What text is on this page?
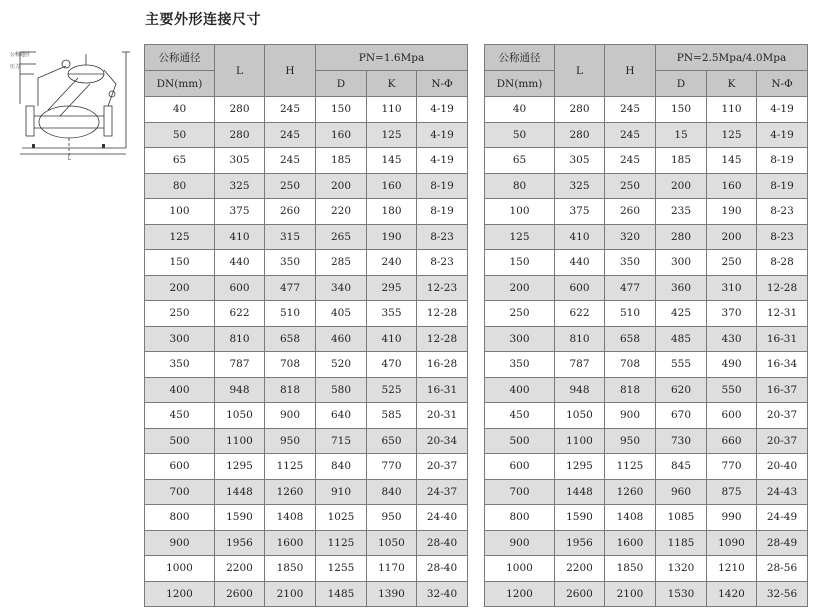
主要外形连接尺寸
公称通径
压力
L
公称通径	L	H	PN=1.6Mpa		
DN(mm)			D	K	N-Φ
40	280	245	150	110	4-19
50	280	245	160	125	4-19
65	305	245	185	145	4-19
80	325	250	200	160	8-19
100	375	260	220	180	8-19
125	410	315	265	190	8-23
150	440	350	285	240	8-23
200	600	477	340	295	12-23
250	622	510	405	355	12-28
300	810	658	460	410	12-28
350	787	708	520	470	16-28
400	948	818	580	525	16-31
450	1050	900	640	585	20-31
500	1100	950	715	650	20-34
600	1295	1125	840	770	20-37
700	1448	1260	910	840	24-37
800	1590	1408	1025	950	24-40
900	1956	1600	1125	1050	28-40
1000	2200	1850	1255	1170	28-40
1200	2600	2100	1485	1390	32-40
公称通径	L	H	PN=2.5Mpa/4.0Mpa		
DN(mm)			D	K	N-Φ
40	280	245	150	110	4-19
50	280	245	15	125	4-19
65	305	245	185	145	8-19
80	325	250	200	160	8-19
100	375	260	235	190	8-23
125	410	320	280	200	8-23
150	440	350	300	250	8-28
200	600	477	360	310	12-28
250	622	510	425	370	12-31
300	810	658	485	430	16-31
350	787	708	555	490	16-34
400	948	818	620	550	16-37
450	1050	900	670	600	20-37
500	1100	950	730	660	20-37
600	1295	1125	845	770	20-40
700	1448	1260	960	875	24-43
800	1590	1408	1085	990	24-49
900	1956	1600	1185	1090	28-49
1000	2200	1850	1320	1210	28-56
1200	2600	2100	1530	1420	32-56
